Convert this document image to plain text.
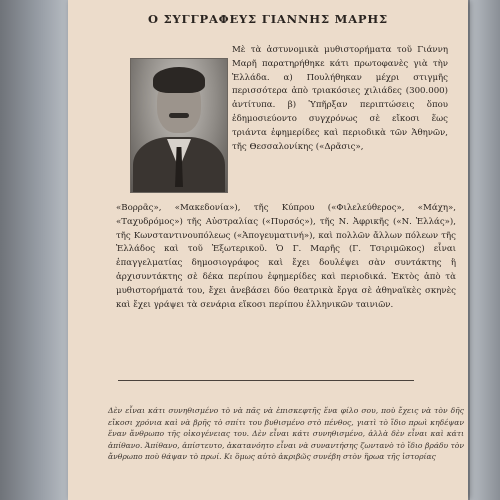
Ο ΣΥΓΓΡΑΦΕΥΣ ΓΙΑΝΝΗΣ ΜΑΡΗΣ

Μὲ τὰ ἀστυνομικὰ μυθιστορήματα τοῦ Γιάννη Μαρῆ παρατηρήθηκε κάτι πρωτοφανὲς γιὰ τὴν Ἑλλάδα. α) Πουλήθηκαν μέχρι στιγμῆς περισσότερα ἀπὸ τριακόσιες χιλιάδες (300.000) ἀντίτυπα. β) Ὑπῆρξαν περιπτώσεις ὅπου ἐδημοσιεύοντο συγχρόνως σὲ εἴκοσι ἕως τριάντα ἐφημερίδες καὶ περιοδικὰ τῶν Ἀθηνῶν, τῆς Θεσσαλονίκης («Δρᾶσις»,

«Βορρᾶς», «Μακεδονία»), τῆς Κύπρου («Φιλελεύθερος», «Μάχη», «Ταχυδρόμος») τῆς Αὐστραλίας («Πυρσός»), τῆς Ν. Ἀφρικῆς («Ν. Ἑλλάς»), τῆς Κωνσταντινουπόλεως («Ἀπογευματινή»), καὶ πολλῶν ἄλλων πόλεων τῆς Ἑλλάδος καὶ τοῦ Ἐξωτερικοῦ. Ὁ Γ. Μαρῆς (Γ. Τσιριμῶκος) εἶναι ἐπαγγελματίας δημοσιογράφος καὶ ἔχει δουλέψει σὰν συντάκτης ἢ ἀρχισυντάκτης σὲ δέκα περίπου ἐφημερίδες καὶ περιοδικά. Ἐκτὸς ἀπὸ τὰ μυθιστορήματά του, ἔχει ἀνεβάσει δύο θεατρικὰ ἔργα σὲ ἀθηναϊκὲς σκηνὲς καὶ ἔχει γράψει τὰ σενάρια εἴκοσι περίπου ἑλληνικῶν ταινιῶν.

Δὲν εἶναι κάτι συνηθισμένο τὸ νὰ πᾶς νὰ ἐπισκεφτῆς ἕνα φίλο σου, ποὺ ἔχεις νὰ τὸν δῆς εἴκοσι χρόνια καὶ νὰ βρῆς τὸ σπίτι του βυθισμένο στὸ πένθος, γιατὶ τὸ ἴδιο πρωὶ κηδέψαν ἕναν ἄνθρωπο τῆς οἰκογένειας του. Δὲν εἶναι κάτι συνηθισμένο, ἀλλὰ δὲν εἶναι καὶ κάτι ἀπίθανο. Ἀπίθανο, ἀπίστευτο, ἀκατανόητο εἶναι νὰ συναντήσης ζωντανὸ τὸ ἴδιο βράδυ τὸν ἄνθρωπο ποὺ θάψαν τὸ πρωί. Κι ὅμως αὐτὸ ἀκριβῶς συνέβη στὸν ἥρωα τῆς ἱστορίας
